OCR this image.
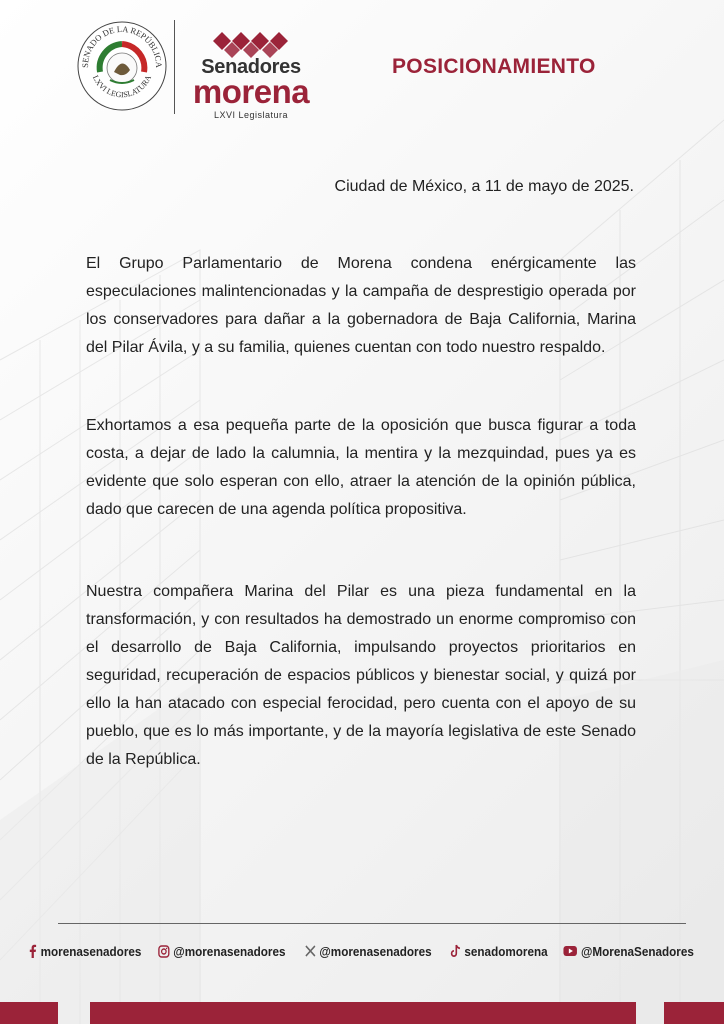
SENADO DE LA REPÚBLICA
LXVI LEGISLATURA
Senadores
morena
LXVI Legislatura
POSICIONAMIENTO
Ciudad de México, a 11 de mayo de 2025.
El Grupo Parlamentario de Morena condena enérgicamente las especulaciones malintencionadas y la campaña de desprestigio operada por los conservadores para dañar a la gobernadora de Baja California, Marina del Pilar Ávila, y a su familia, quienes cuentan con todo nuestro respaldo.
Exhortamos a esa pequeña parte de la oposición que busca figurar a toda costa, a dejar de lado la calumnia, la mentira y la mezquindad, pues ya es evidente que solo esperan con ello, atraer la atención de la opinión pública, dado que carecen de una agenda política propositiva.
Nuestra compañera Marina del Pilar es una pieza fundamental en la transformación, y con resultados ha demostrado un enorme compromiso con el desarrollo de Baja California, impulsando proyectos prioritarios en seguridad, recuperación de espacios públicos y bienestar social, y quizá por ello la han atacado con especial ferocidad, pero cuenta con el apoyo de su pueblo, que es lo más importante, y de la mayoría legislativa de este Senado de la República.
morenasenadores @morenasenadores	@morenasenadores	senadomorena	@MorenaSenadores
